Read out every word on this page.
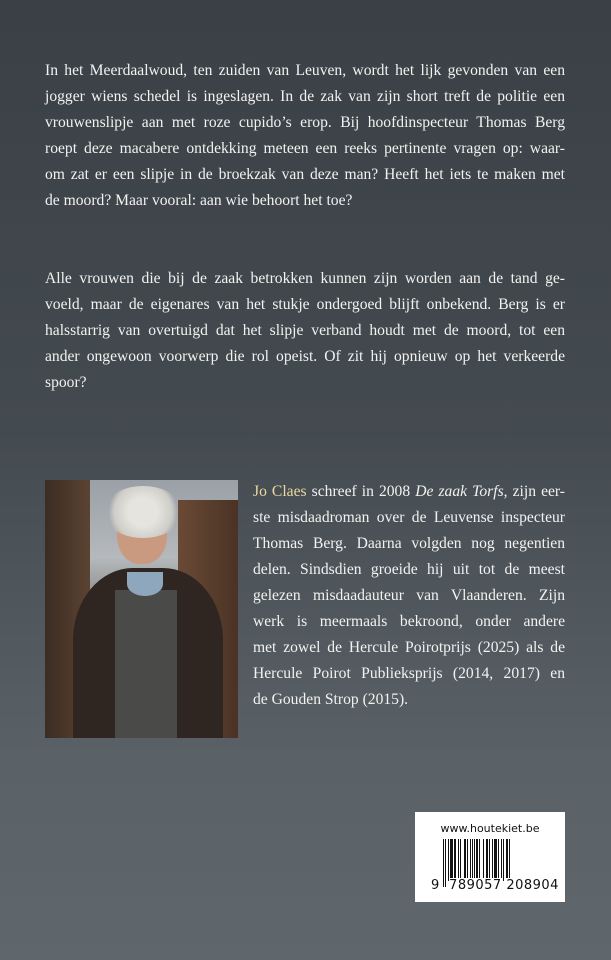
In het Meerdaalwoud, ten zuiden van Leuven, wordt het lijk gevonden van een
jogger wiens schedel is ingeslagen. In de zak van zijn short treft de politie een
vrouwenslipje aan met roze cupido’s erop. Bij hoofdinspecteur Thomas Berg
roept deze macabere ontdekking meteen een reeks pertinente vragen op: waar-
om zat er een slipje in de broekzak van deze man? Heeft het iets te maken met
de moord? Maar vooral: aan wie behoort het toe?
Alle vrouwen die bij de zaak betrokken kunnen zijn worden aan de tand ge-
voeld, maar de eigenares van het stukje ondergoed blijft onbekend. Berg is er
halsstarrig van overtuigd dat het slipje verband houdt met de moord, tot een
ander ongewoon voorwerp die rol opeist. Of zit hij opnieuw op het verkeerde
spoor?
Jo Claes schreef in 2008 De zaak Torfs, zijn eer-
ste misdaadroman over de Leuvense inspecteur
Thomas Berg. Daarna volgden nog negentien
delen. Sindsdien groeide hij uit tot de meest
gelezen misdaadauteur van Vlaanderen. Zijn
werk is meermaals bekroond, onder andere
met zowel de Hercule Poirotprijs (2025) als de
Hercule Poirot Publieksprijs (2014, 2017) en
de Gouden Strop (2015).
www.houtekiet.be
9 789057 208904
